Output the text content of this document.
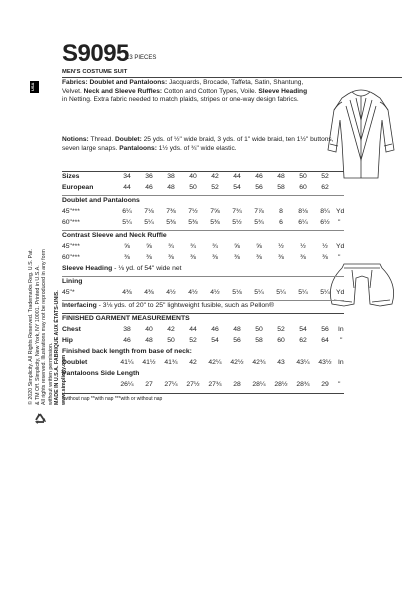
© 2020 Simplicity. All Rights Reserved. Trademarks Reg. U.S. Pat. & TM Off. Simplicity, New York, NY 10001. Printed in U.S.A. All rights reserved. Illustrations may not be reproduced in any form without written permission. MADE IN U.S.A. FABRIQUE AUX ÉTATS-UNIS. www.simplicity.com
USA
S9095
13 PIECES
MEN'S COSTUME SUIT
Fabrics: Doublet and Pantaloons: Jacquards, Brocade, Taffeta, Satin, Shantung, Velvet. Neck and Sleeve Ruffles: Cotton and Cotton Types, Voile. Sleeve Heading in Netting. Extra fabric needed to match plaids, stripes or one-way design fabrics.
Notions: Thread. Doublet: 25 yds. of ½" wide braid, 3 yds. of 1" wide braid, ten 1½" buttons, seven large snaps. Pantaloons: 1½ yds. of ¾" wide elastic.
Sizes	34	36	38	40	42	44	46	48	50	52
European	44	46	48	50	52	54	56	58	60	62
Doublet and Pantaloons
45"***	6¼	7⅛	7⅜	7½	7⅝	7¾	7⅞	8	8⅛	8¼ Yd
60"***	5¼	5¼	5⅜	5⅜	5⅜	5½	5¾	6	6¼	6½	"
Contrast Sleeve and Neck Ruffle
45"***	⅝	⅝	¾	¾	¾	⅝	⅝	½	½	½	Yd
60"***	⅜	⅜	⅜	⅜	⅜	⅜	⅜	⅜	⅜	⅜	"
Sleeve Heading - ⅛ yd. of 54" wide net
Lining
45"*	4⅜	4⅜	4½	4½	4½	5⅛	5¼	5¼	5¼	5¼ Yd
Interfacing - 3⅛ yds. of 20" to 25" lightweight fusible, such as Pellon®
FINISHED GARMENT MEASUREMENTS
Chest	38	40	42	44	46	48	50	52	54	56	In
Hip	46	48	50	52	54	56	58	60	62	64	"
Finished back length from base of neck:
Doublet	41¼	41½	41¾	42	42¼	42½	42¾	43	43¼	43½ In
Pantaloons Side Length
26¼	27	27¼	27½	27¾	28	28¼	28½	28¾	29	"
*without nap **with nap ***with or without nap
